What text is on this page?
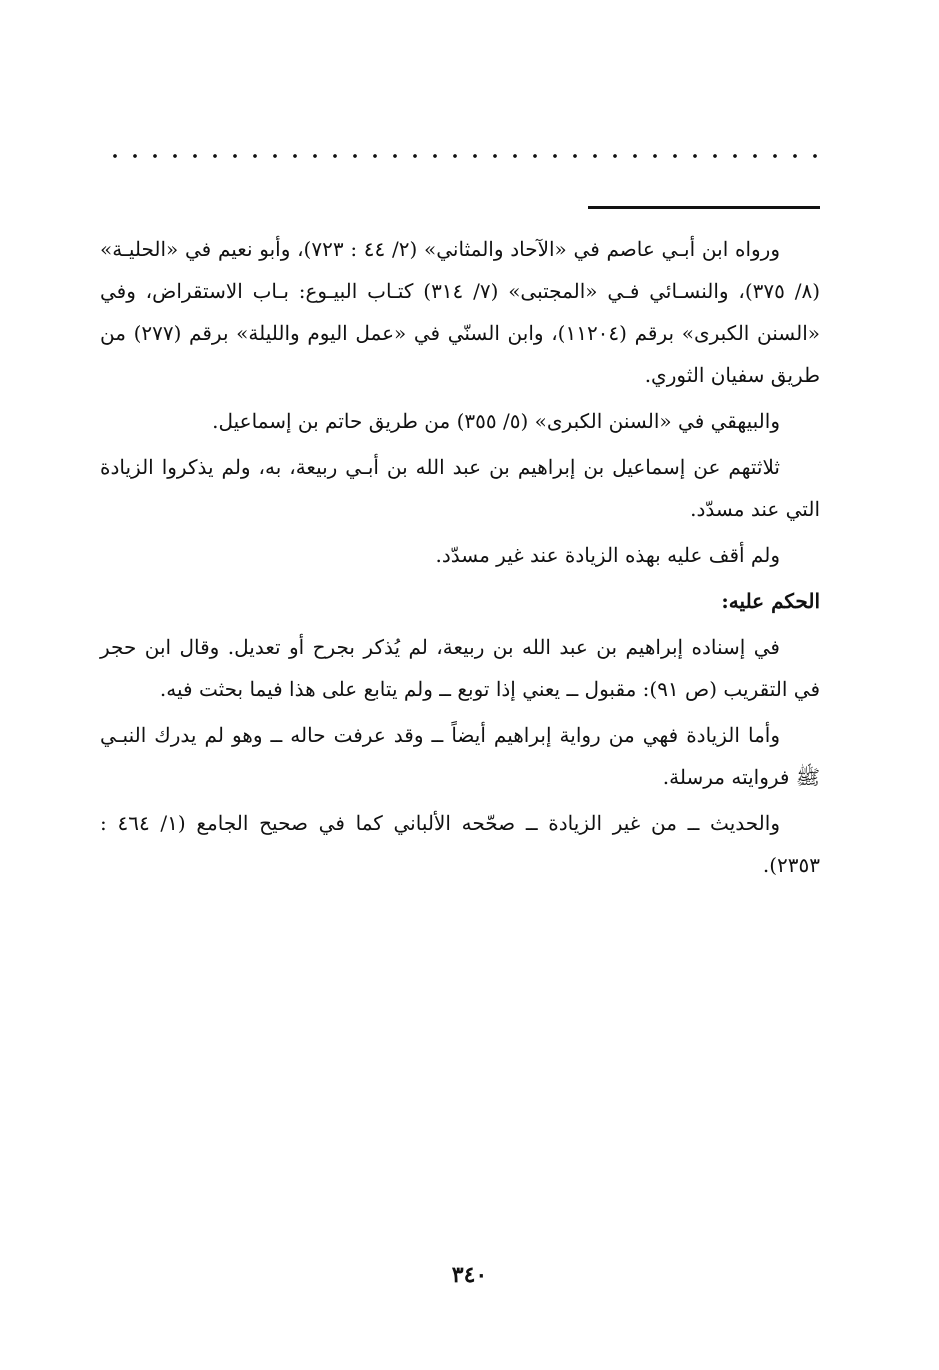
ورواه ابن أبـي عاصم في «الآحاد والمثاني» (٢/ ٤٤ : ٧٢٣)، وأبو نعيم في «الحليـة» (٨/ ٣٧٥)، والنسـائي فـي «المجتبى» (٧/ ٣١٤) كتـاب البيـوع: بـاب الاستقراض، وفي «السنن الكبرى» برقم (١١٢٠٤)، وابن السنّي في «عمل اليوم والليلة» برقم (٢٧٧) من طريق سفيان الثوري.

والبيهقي في «السنن الكبرى» (٥/ ٣٥٥) من طريق حاتم بن إسماعيل.

ثلاثتهم عن إسماعيل بن إبراهيم بن عبد الله بن أبـي ربيعة، به، ولم يذكروا الزيادة التي عند مسدّد.

ولم أقف عليه بهذه الزيادة عند غير مسدّد.

الحكم عليه:

في إسناده إبراهيم بن عبد الله بن ربيعة، لم يُذكر بجرح أو تعديل. وقال ابن حجر في التقريب (ص ٩١): مقبول ــ يعني إذا توبع ــ ولم يتابع على هذا فيما بحثت فيه.

وأما الزيادة فهي من رواية إبراهيم أيضاً ــ وقد عرفت حاله ــ وهو لم يدرك النبـي ﷺ فروايته مرسلة.

والحديث ــ من غير الزيادة ــ صحّحه الألباني كما في صحيح الجامع (١/ ٤٦٤ : ٢٣٥٣).

٣٤٠
